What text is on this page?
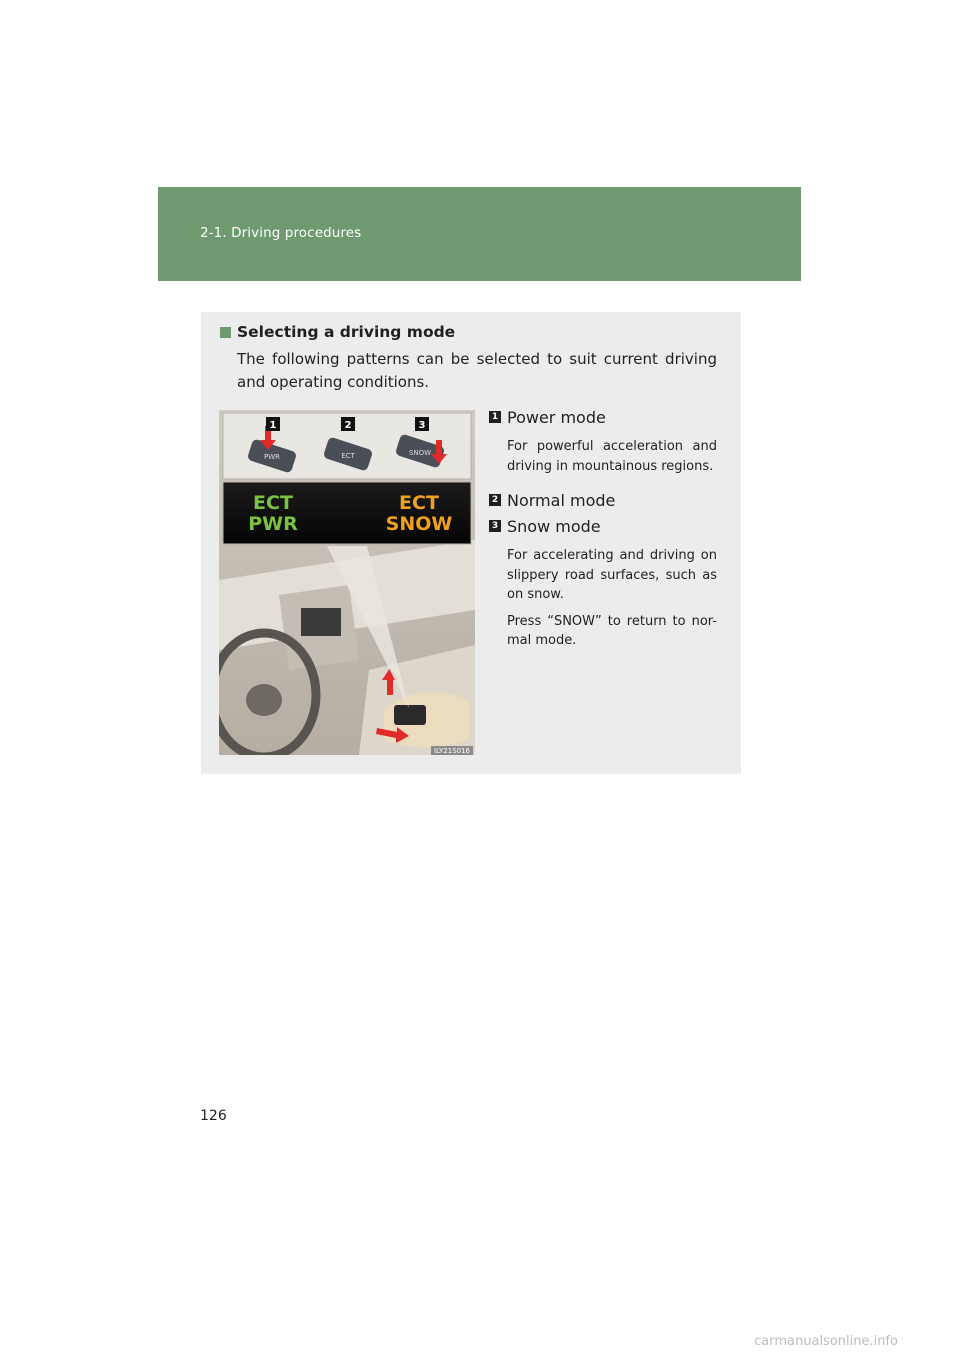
2-1. Driving procedures
Selecting a driving mode
The following patterns can be selected to suit current driving and operating conditions.
1	2	3
PWR	ECT	SNOW
ECT
PWR
ECT
SNOW
ILY21S016
1 Power mode
For powerful acceleration and driving in mountainous regions.
2 Normal mode
3 Snow mode
For accelerating and driving on slippery road surfaces, such as on snow.
Press “SNOW” to return to nor-mal mode.
126
carmanualsonline.info
